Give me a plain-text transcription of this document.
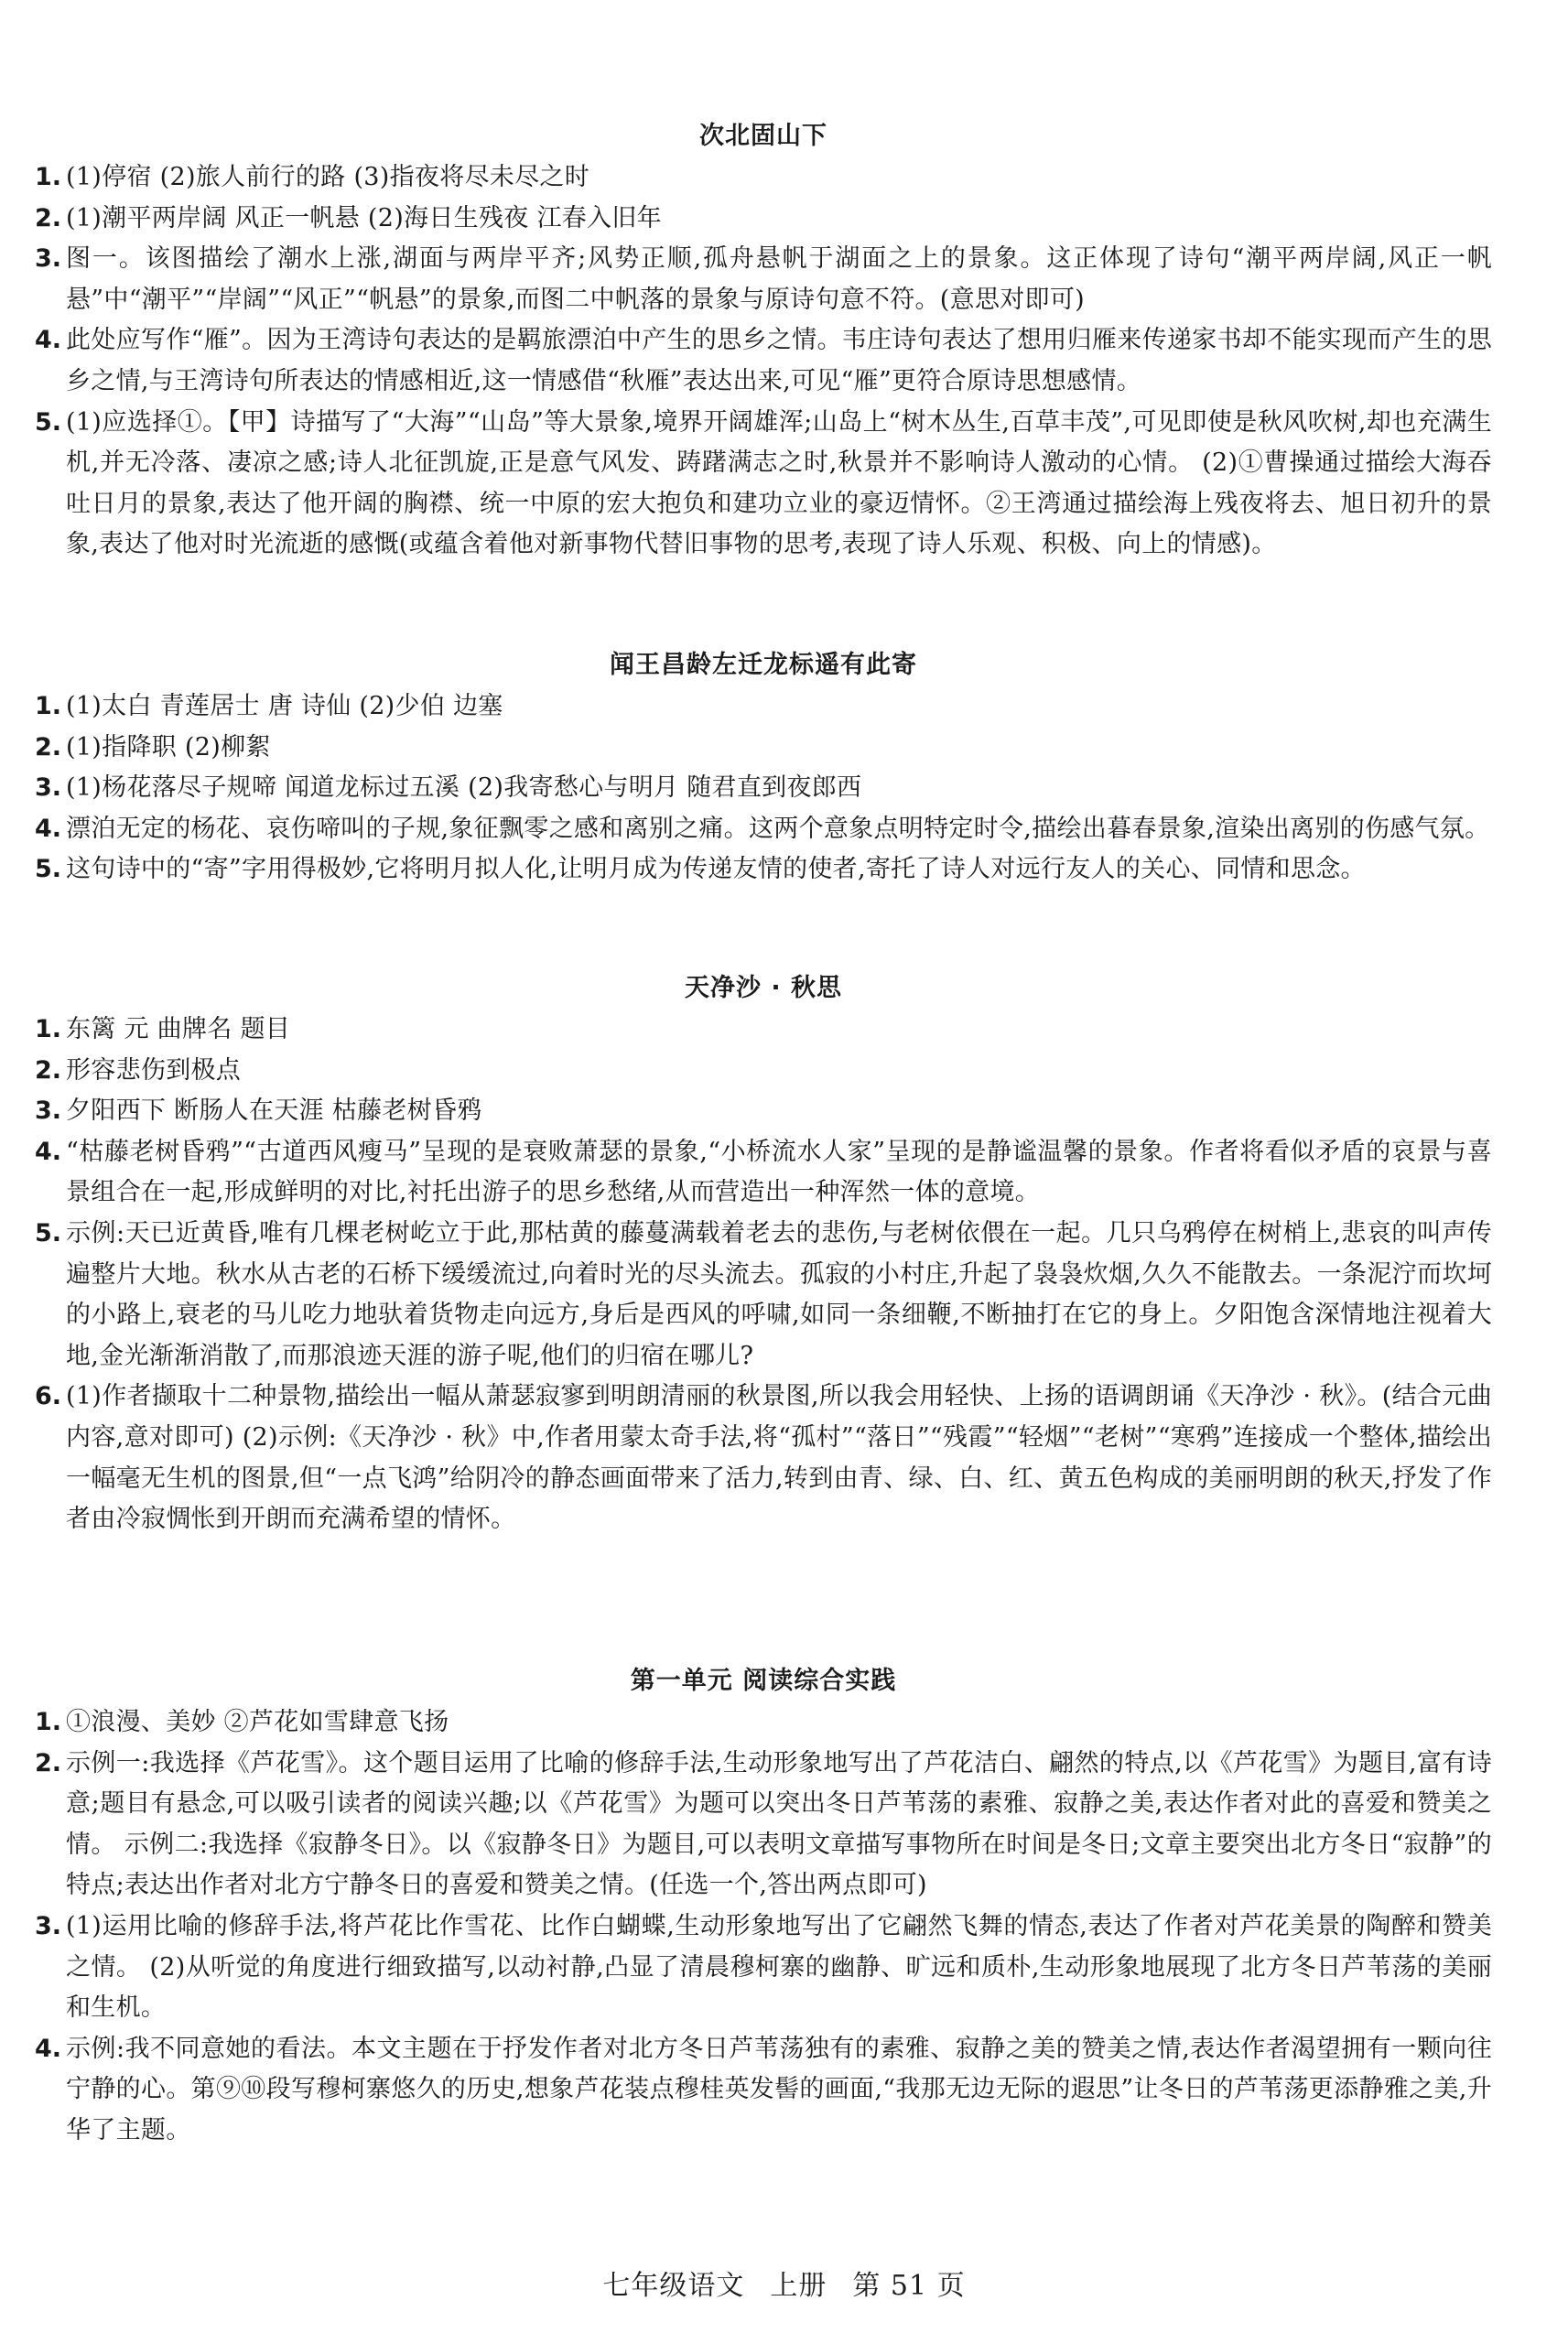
次北固山下
1. (1)停宿 (2)旅人前行的路 (3)指夜将尽未尽之时
2. (1)潮平两岸阔 风正一帆悬 (2)海日生残夜 江春入旧年
3. 图一。该图描绘了潮水上涨,湖面与两岸平齐;风势正顺,孤舟悬帆于湖面之上的景象。这正体现了诗句“潮平两岸阔,风正一帆悬”中“潮平”“岸阔”“风正”“帆悬”的景象,而图二中帆落的景象与原诗句意不符。(意思对即可)
4. 此处应写作“雁”。因为王湾诗句表达的是羁旅漂泊中产生的思乡之情。韦庄诗句表达了想用归雁来传递家书却不能实现而产生的思乡之情,与王湾诗句所表达的情感相近,这一情感借“秋雁”表达出来,可见“雁”更符合原诗思想感情。
5. (1)应选择①。【甲】诗描写了“大海”“山岛”等大景象,境界开阔雄浑;山岛上“树木丛生,百草丰茂”,可见即使是秋风吹树,却也充满生机,并无冷落、凄凉之感;诗人北征凯旋,正是意气风发、踌躇满志之时,秋景并不影响诗人激动的心情。 (2)①曹操通过描绘大海吞吐日月的景象,表达了他开阔的胸襟、统一中原的宏大抱负和建功立业的豪迈情怀。②王湾通过描绘海上残夜将去、旭日初升的景象,表达了他对时光流逝的感慨(或蕴含着他对新事物代替旧事物的思考,表现了诗人乐观、积极、向上的情感)。
闻王昌龄左迁龙标遥有此寄
1. (1)太白 青莲居士 唐 诗仙 (2)少伯 边塞
2. (1)指降职 (2)柳絮
3. (1)杨花落尽子规啼 闻道龙标过五溪 (2)我寄愁心与明月 随君直到夜郎西
4. 漂泊无定的杨花、哀伤啼叫的子规,象征飘零之感和离别之痛。这两个意象点明特定时令,描绘出暮春景象,渲染出离别的伤感气氛。
5. 这句诗中的“寄”字用得极妙,它将明月拟人化,让明月成为传递友情的使者,寄托了诗人对远行友人的关心、同情和思念。
天净沙 · 秋思
1. 东篱 元 曲牌名 题目
2. 形容悲伤到极点
3. 夕阳西下 断肠人在天涯 枯藤老树昏鸦
4. “枯藤老树昏鸦”“古道西风瘦马”呈现的是衰败萧瑟的景象,“小桥流水人家”呈现的是静谧温馨的景象。作者将看似矛盾的哀景与喜景组合在一起,形成鲜明的对比,衬托出游子的思乡愁绪,从而营造出一种浑然一体的意境。
5. 示例:天已近黄昏,唯有几棵老树屹立于此,那枯黄的藤蔓满载着老去的悲伤,与老树依偎在一起。几只乌鸦停在树梢上,悲哀的叫声传遍整片大地。秋水从古老的石桥下缓缓流过,向着时光的尽头流去。孤寂的小村庄,升起了袅袅炊烟,久久不能散去。一条泥泞而坎坷的小路上,衰老的马儿吃力地驮着货物走向远方,身后是西风的呼啸,如同一条细鞭,不断抽打在它的身上。夕阳饱含深情地注视着大地,金光渐渐消散了,而那浪迹天涯的游子呢,他们的归宿在哪儿?
6. (1)作者撷取十二种景物,描绘出一幅从萧瑟寂寥到明朗清丽的秋景图,所以我会用轻快、上扬的语调朗诵《天净沙 · 秋》。(结合元曲内容,意对即可) (2)示例:《天净沙 · 秋》中,作者用蒙太奇手法,将“孤村”“落日”“残霞”“轻烟”“老树”“寒鸦”连接成一个整体,描绘出一幅毫无生机的图景,但“一点飞鸿”给阴冷的静态画面带来了活力,转到由青、绿、白、红、黄五色构成的美丽明朗的秋天,抒发了作者由冷寂惆怅到开朗而充满希望的情怀。
第一单元 阅读综合实践
1. ①浪漫、美妙 ②芦花如雪肆意飞扬
2. 示例一:我选择《芦花雪》。这个题目运用了比喻的修辞手法,生动形象地写出了芦花洁白、翩然的特点,以《芦花雪》为题目,富有诗意;题目有悬念,可以吸引读者的阅读兴趣;以《芦花雪》为题可以突出冬日芦苇荡的素雅、寂静之美,表达作者对此的喜爱和赞美之情。 示例二:我选择《寂静冬日》。以《寂静冬日》为题目,可以表明文章描写事物所在时间是冬日;文章主要突出北方冬日“寂静”的特点;表达出作者对北方宁静冬日的喜爱和赞美之情。(任选一个,答出两点即可)
3. (1)运用比喻的修辞手法,将芦花比作雪花、比作白蝴蝶,生动形象地写出了它翩然飞舞的情态,表达了作者对芦花美景的陶醉和赞美之情。 (2)从听觉的角度进行细致描写,以动衬静,凸显了清晨穆柯寨的幽静、旷远和质朴,生动形象地展现了北方冬日芦苇荡的美丽和生机。
4. 示例:我不同意她的看法。本文主题在于抒发作者对北方冬日芦苇荡独有的素雅、寂静之美的赞美之情,表达作者渴望拥有一颗向往宁静的心。第⑨⑩段写穆柯寨悠久的历史,想象芦花装点穆桂英发髻的画面,“我那无边无际的遐思”让冬日的芦苇荡更添静雅之美,升华了主题。
七年级语文 上册 第 51 页
